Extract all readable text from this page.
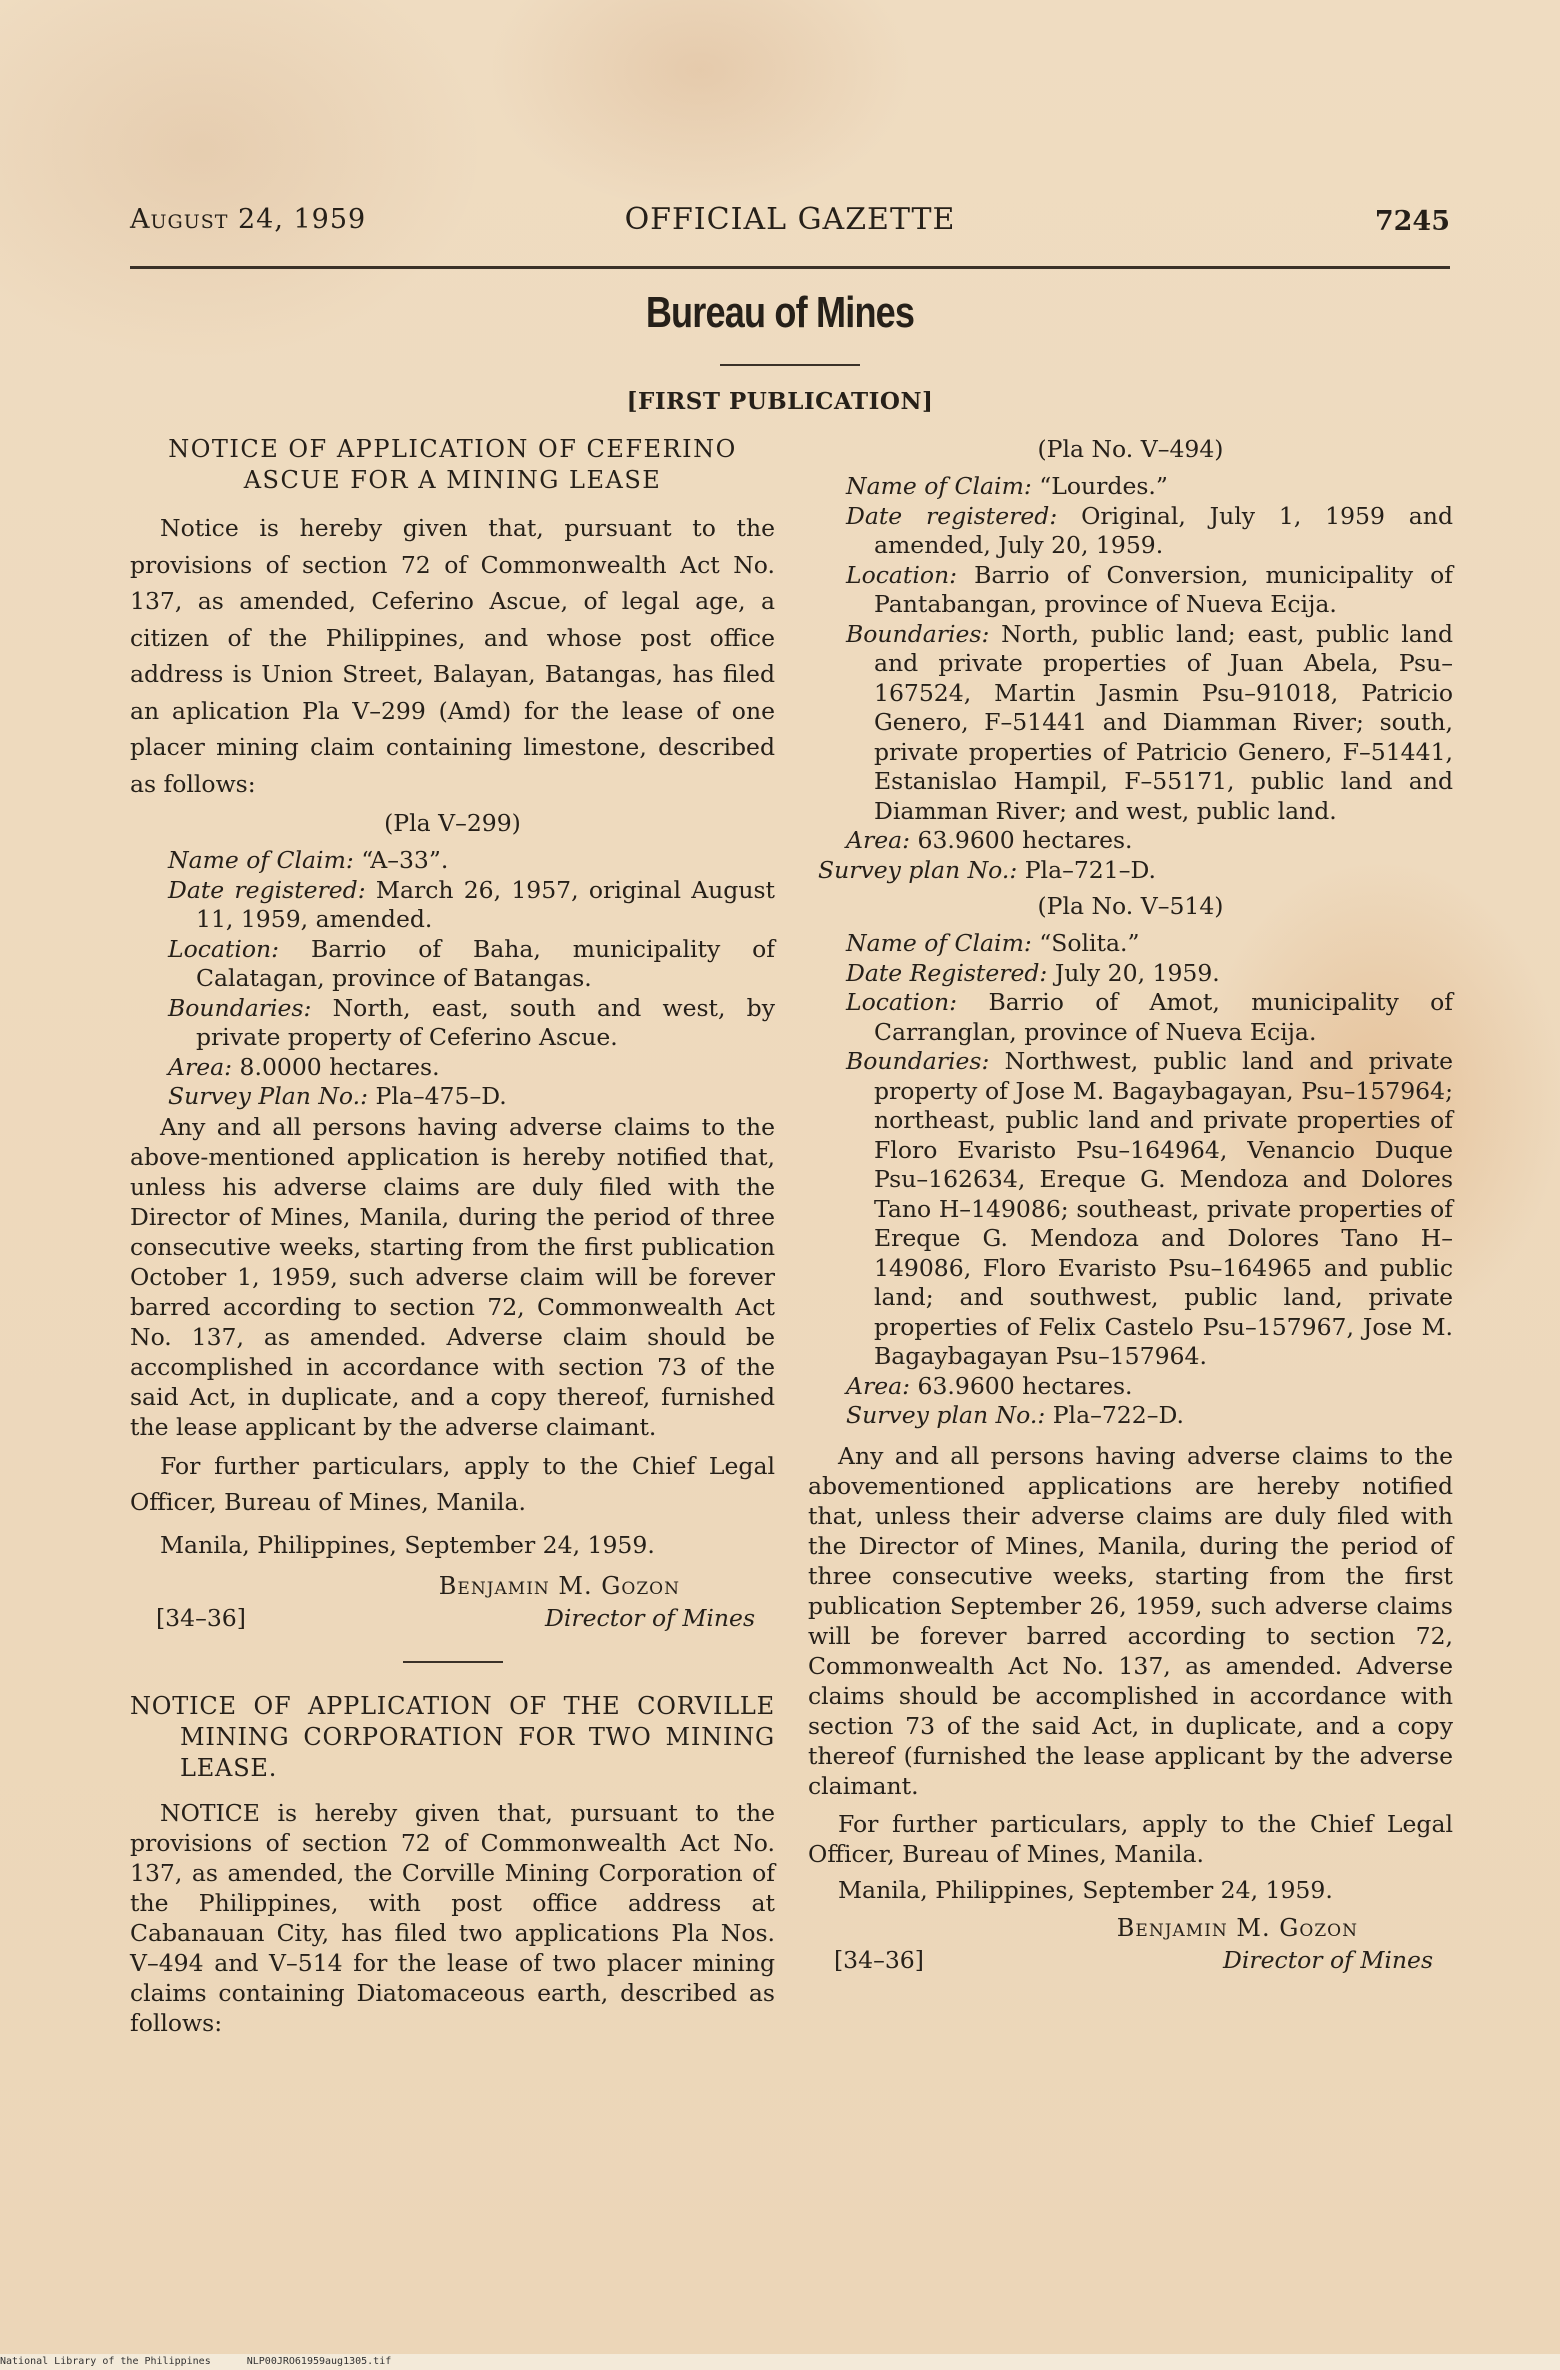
August 24, 1959	OFFICIAL GAZETTE	7245
Bureau of Mines
[FIRST PUBLICATION]
NOTICE OF APPLICATION OF CEFERINO ASCUE FOR A MINING LEASE

Notice is hereby given that, pursuant to the provisions of section 72 of Commonwealth Act No. 137, as amended, Ceferino Ascue, of legal age, a citizen of the Philippines, and whose post office address is Union Street, Balayan, Batangas, has filed an aplication Pla V–299 (Amd) for the lease of one placer mining claim containing limestone, described as follows:

(Pla V–299)

Name of Claim: “A–33”.

Date registered: March 26, 1957, original August 11, 1959, amended.

Location: Barrio of Baha, municipality of Calatagan, province of Batangas.

Boundaries: North, east, south and west, by private property of Ceferino Ascue.

Area: 8.0000 hectares.

Survey Plan No.: Pla–475–D.

Any and all persons having adverse claims to the above-mentioned application is hereby notified that, unless his adverse claims are duly filed with the Director of Mines, Manila, during the period of three consecutive weeks, starting from the first publication October 1, 1959, such adverse claim will be forever barred according to section 72, Commonwealth Act No. 137, as amended. Adverse claim should be accomplished in accordance with section 73 of the said Act, in duplicate, and a copy thereof, furnished the lease applicant by the adverse claimant.

For further particulars, apply to the Chief Legal Officer, Bureau of Mines, Manila.

Manila, Philippines, September 24, 1959.

Benjamin M. Gozon
[34–36]	Director of Mines
NOTICE OF APPLICATION OF THE CORVILLE MINING CORPORATION FOR TWO MINING LEASE.

NOTICE is hereby given that, pursuant to the provisions of section 72 of Commonwealth Act No. 137, as amended, the Corville Mining Corporation of the Philippines, with post office address at Cabanauan City, has filed two applications Pla Nos. V–494 and V–514 for the lease of two placer mining claims containing Diatomaceous earth, described as follows:

(Pla No. V–494)

Name of Claim: “Lourdes.”

Date registered: Original, July 1, 1959 and amended, July 20, 1959.

Location: Barrio of Conversion, municipality of Pantabangan, province of Nueva Ecija.

Boundaries: North, public land; east, public land and private properties of Juan Abela, Psu–167524, Martin Jasmin Psu–91018, Patricio Genero, F–51441 and Diamman River; south, private properties of Patricio Genero, F–51441, Estanislao Hampil, F–55171, public land and Diamman River; and west, public land.

Area: 63.9600 hectares.

Survey plan No.: Pla–721–D.

(Pla No. V–514)

Name of Claim: “Solita.”

Date Registered: July 20, 1959.

Location: Barrio of Amot, municipality of Carranglan, province of Nueva Ecija.

Boundaries: Northwest, public land and private property of Jose M. Bagaybagayan, Psu–157964; northeast, public land and private properties of Floro Evaristo Psu–164964, Venancio Duque Psu–162634, Ereque G. Mendoza and Dolores Tano H–149086; southeast, private properties of Ereque G. Mendoza and Dolores Tano H–149086, Floro Evaristo Psu–164965 and public land; and southwest, public land, private properties of Felix Castelo Psu–157967, Jose M. Bagaybagayan Psu–157964.

Area: 63.9600 hectares.

Survey plan No.: Pla–722–D.

Any and all persons having adverse claims to the abovementioned applications are hereby notified that, unless their adverse claims are duly filed with the Director of Mines, Manila, during the period of three consecutive weeks, starting from the first publication September 26, 1959, such adverse claims will be forever barred according to section 72, Commonwealth Act No. 137, as amended. Adverse claims should be accomplished in accordance with section 73 of the said Act, in duplicate, and a copy thereof (furnished the lease applicant by the adverse claimant.

For further particulars, apply to the Chief Legal Officer, Bureau of Mines, Manila.

Manila, Philippines, September 24, 1959.

Benjamin M. Gozon
[34–36]	Director of Mines
National Library of the Philippines	NLP00JRO61959aug1305.tif
